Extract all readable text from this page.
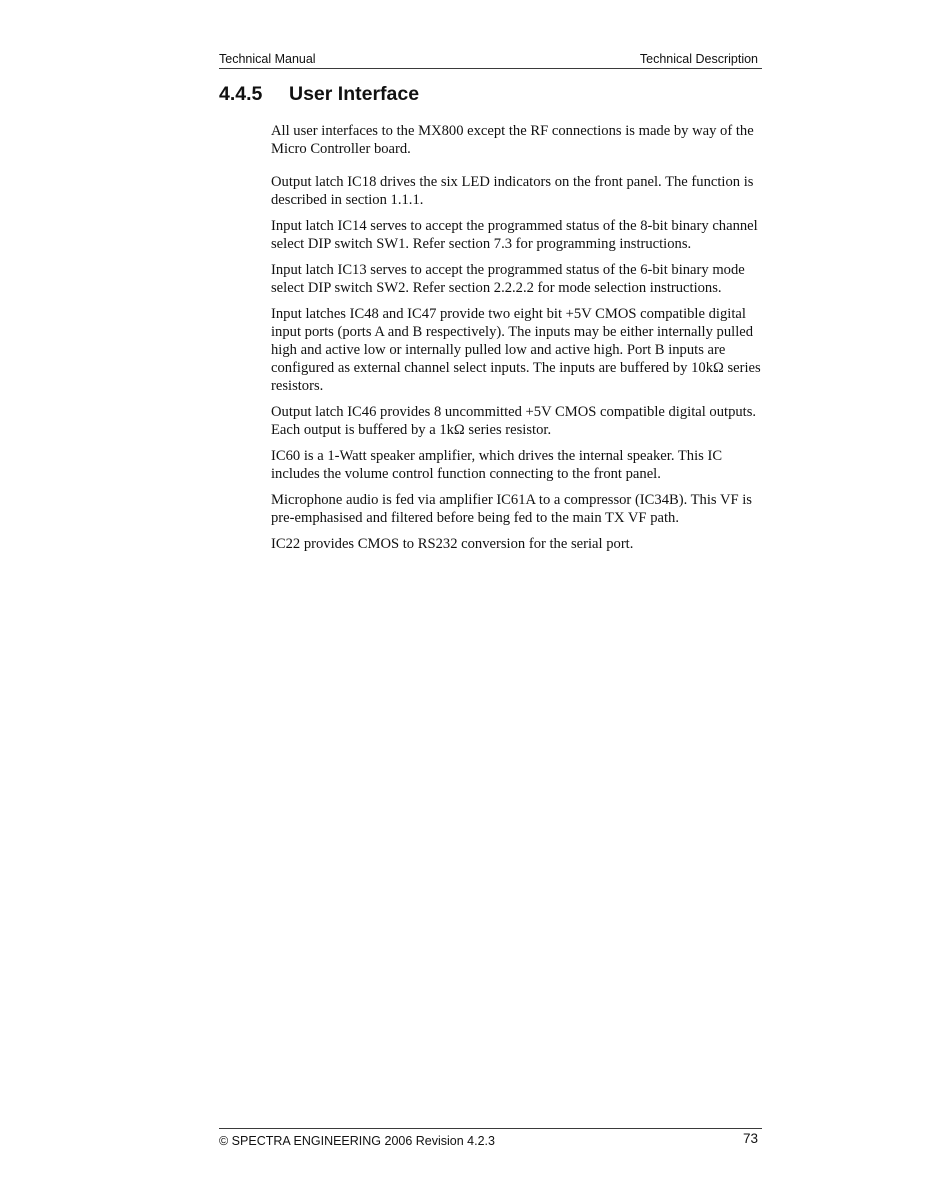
Technical Manual	Technical Description
4.4.5 User Interface

All user interfaces to the MX800 except the RF connections is made by way of the Micro Controller board.

Output latch IC18 drives the six LED indicators on the front panel. The function is described in section 1.1.1.

Input latch IC14 serves to accept the programmed status of the 8-bit binary channel select DIP switch SW1. Refer section 7.3 for programming instructions.

Input latch IC13 serves to accept the programmed status of the 6-bit binary mode select DIP switch SW2. Refer section 2.2.2.2 for mode selection instructions.

Input latches IC48 and IC47 provide two eight bit +5V CMOS compatible digital input ports (ports A and B respectively). The inputs may be either internally pulled high and active low or internally pulled low and active high. Port B inputs are configured as external channel select inputs. The inputs are buffered by 10kΩ series resistors.

Output latch IC46 provides 8 uncommitted +5V CMOS compatible digital outputs. Each output is buffered by a 1kΩ series resistor.

IC60 is a 1-Watt speaker amplifier, which drives the internal speaker. This IC includes the volume control function connecting to the front panel.

Microphone audio is fed via amplifier IC61A to a compressor (IC34B). This VF is pre-emphasised and filtered before being fed to the main TX VF path.

IC22 provides CMOS to RS232 conversion for the serial port.

© SPECTRA ENGINEERING 2006 Revision 4.2.3	73
